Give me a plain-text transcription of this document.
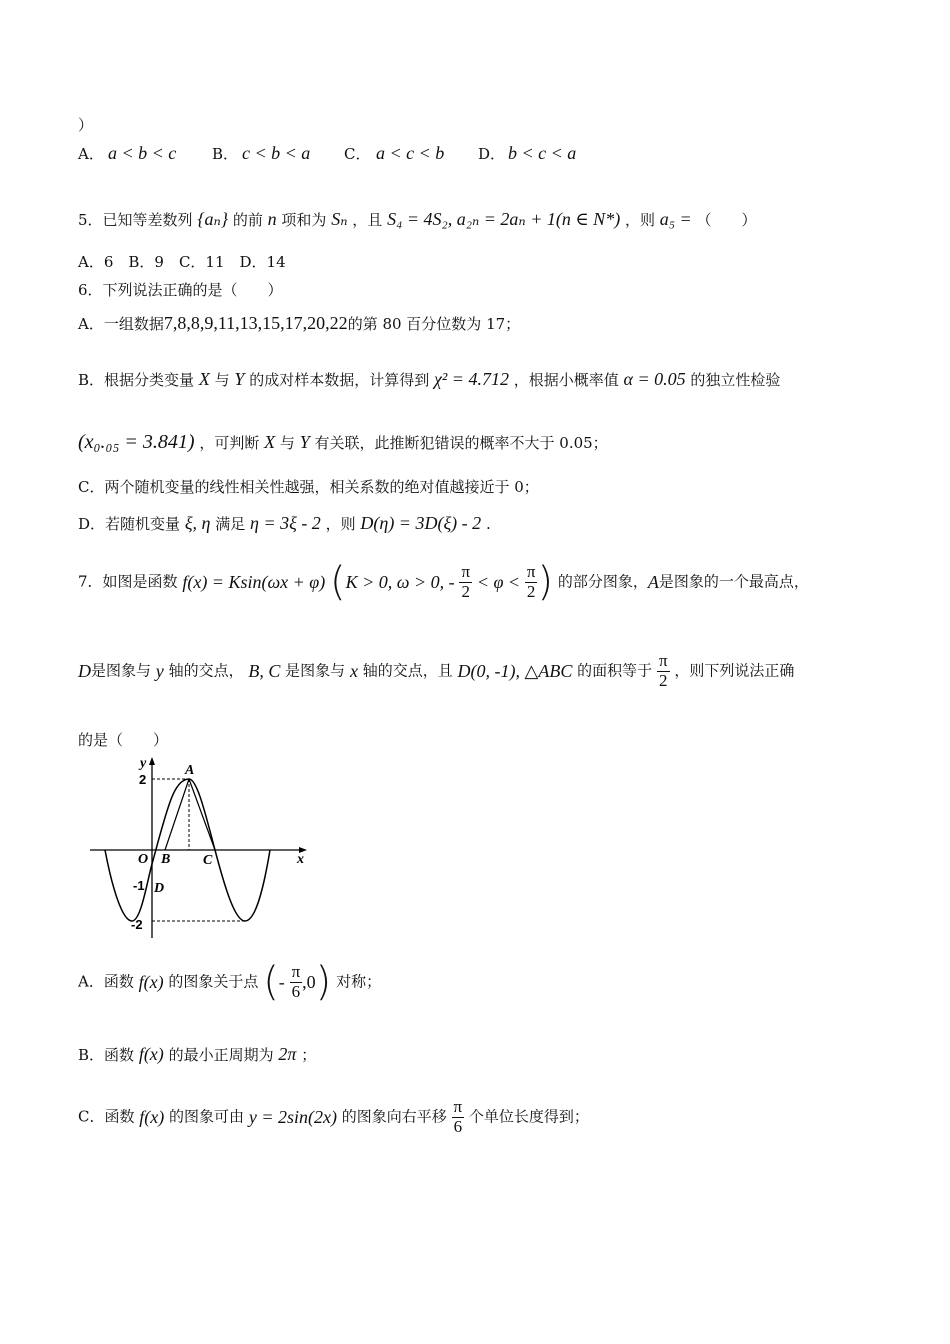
）
A． a < b < c B． c < b < a C． a < c < b D． b < c < a
5．已知等差数列 {aₙ} 的前 n 项和为 Sₙ ，且 S₄ = 4S₂, a₂ₙ = 2aₙ + 1(n ∈ N*) ，则 a₅ = （　　）
A．6　B．9　C．11　D．14
6．下列说法正确的是（　　）
A．一组数据7,8,8,9,11,13,15,17,20,22的第 80 百分位数为 17；
B．根据分类变量 X 与 Y 的成对样本数据，计算得到 χ² = 4.712 ，根据小概率值 α = 0.05 的独立性检验
(x₀.₀₅ = 3.841) ，可判断 X 与 Y 有关联，此推断犯错误的概率不大于 0.05；
C．两个随机变量的线性相关性越强，相关系数的绝对值越接近于 0；
D．若随机变量 ξ, η 满足 η = 3ξ - 2 ，则 D(η) = 3D(ξ) - 2 .
7．如图是函数 f(x) = Ksin(ωx + φ) (K > 0, ω > 0, - $\frac{\pi}{2} < \varphi < \frac{\pi}{2}$ ) 的部分图象，A是图象的一个最高点，
D是图象与 y 轴的交点， B, C 是图象与 x 轴的交点，且 D(0, -1), △ABC 的面积等于 $\frac{\pi}{2}$ ，则下列说法正确
的是（　　）
y
x
2
-2
-1
O
A
B C
D
A．函数 f(x) 的图象关于点 (- $\frac{\pi}{6} ,0$) 对称；
B．函数 f(x) 的最小正周期为 2π ；
C．函数 f(x) 的图象可由 y = 2sin(2x) 的图象向右平移 $\frac{\pi}{6}$ 个单位长度得到；
